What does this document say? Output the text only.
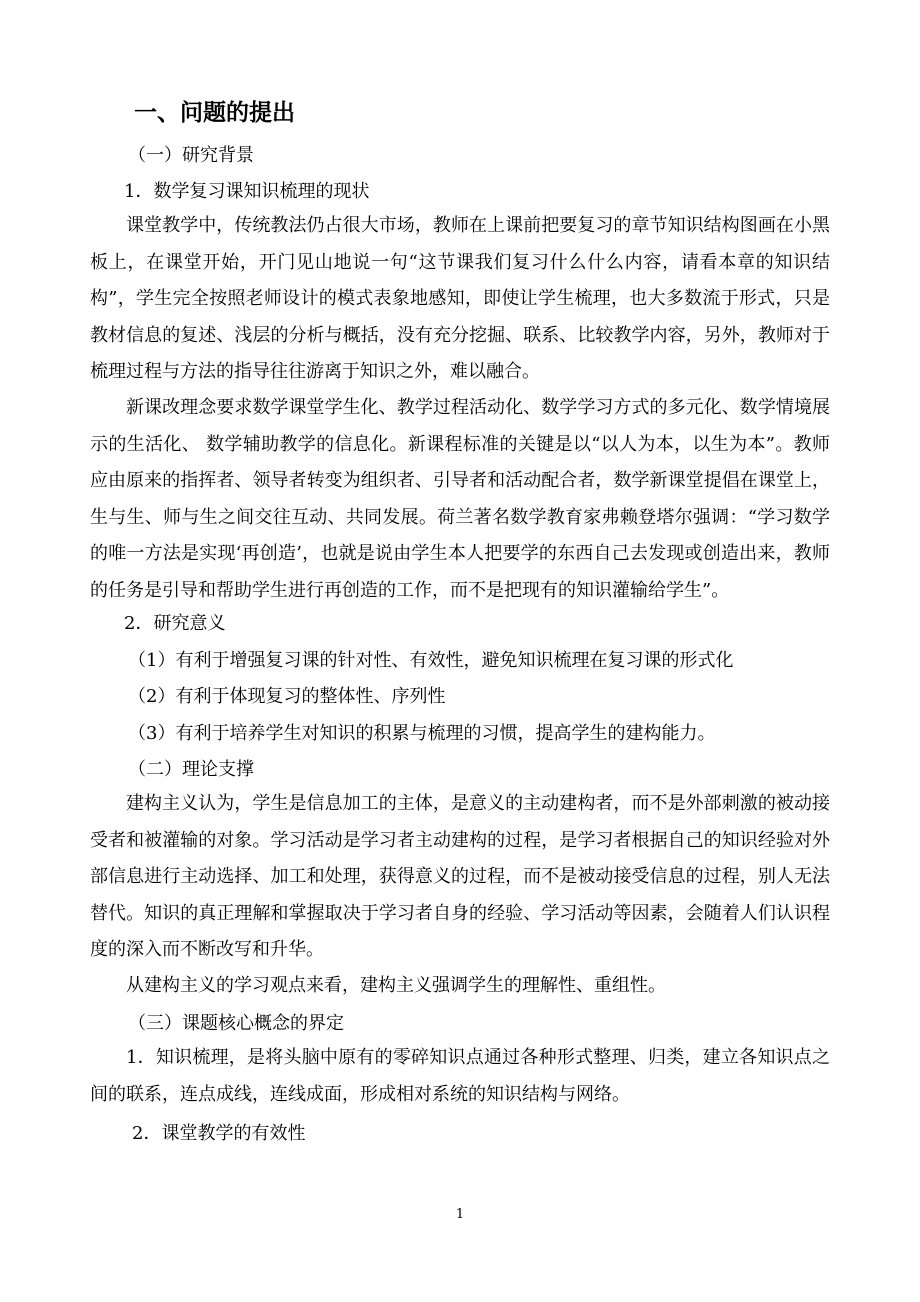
一、问题的提出
（一）研究背景
1．数学复习课知识梳理的现状
课堂教学中，传统教法仍占很大市场，教师在上课前把要复习的章节知识结构图画在小黑板上，在课堂开始，开门见山地说一句“这节课我们复习什么什么内容，请看本章的知识结构”，学生完全按照老师设计的模式表象地感知，即使让学生梳理，也大多数流于形式，只是教材信息的复述、浅层的分析与概括，没有充分挖掘、联系、比较教学内容，另外，教师对于梳理过程与方法的指导往往游离于知识之外，难以融合。
新课改理念要求数学课堂学生化、教学过程活动化、数学学习方式的多元化、数学情境展示的生活化、 数学辅助教学的信息化。新课程标准的关键是以“以人为本，以生为本”。教师应由原来的指挥者、领导者转变为组织者、引导者和活动配合者，数学新课堂提倡在课堂上，生与生、师与生之间交往互动、共同发展。荷兰著名数学教育家弗赖登塔尔强调：“学习数学的唯一方法是实现‘再创造’，也就是说由学生本人把要学的东西自己去发现或创造出来，教师的任务是引导和帮助学生进行再创造的工作，而不是把现有的知识灌输给学生”。
2．研究意义
（1）有利于增强复习课的针对性、有效性，避免知识梳理在复习课的形式化
（2）有利于体现复习的整体性、序列性
（3）有利于培养学生对知识的积累与梳理的习惯，提高学生的建构能力。
（二）理论支撑
建构主义认为，学生是信息加工的主体，是意义的主动建构者，而不是外部刺激的被动接受者和被灌输的对象。学习活动是学习者主动建构的过程，是学习者根据自己的知识经验对外部信息进行主动选择、加工和处理，获得意义的过程，而不是被动接受信息的过程，别人无法替代。知识的真正理解和掌握取决于学习者自身的经验、学习活动等因素，会随着人们认识程度的深入而不断改写和升华。
从建构主义的学习观点来看，建构主义强调学生的理解性、重组性。
（三）课题核心概念的界定
1．知识梳理，是将头脑中原有的零碎知识点通过各种形式整理、归类，建立各知识点之间的联系，连点成线，连线成面，形成相对系统的知识结构与网络。
2．课堂教学的有效性
1
